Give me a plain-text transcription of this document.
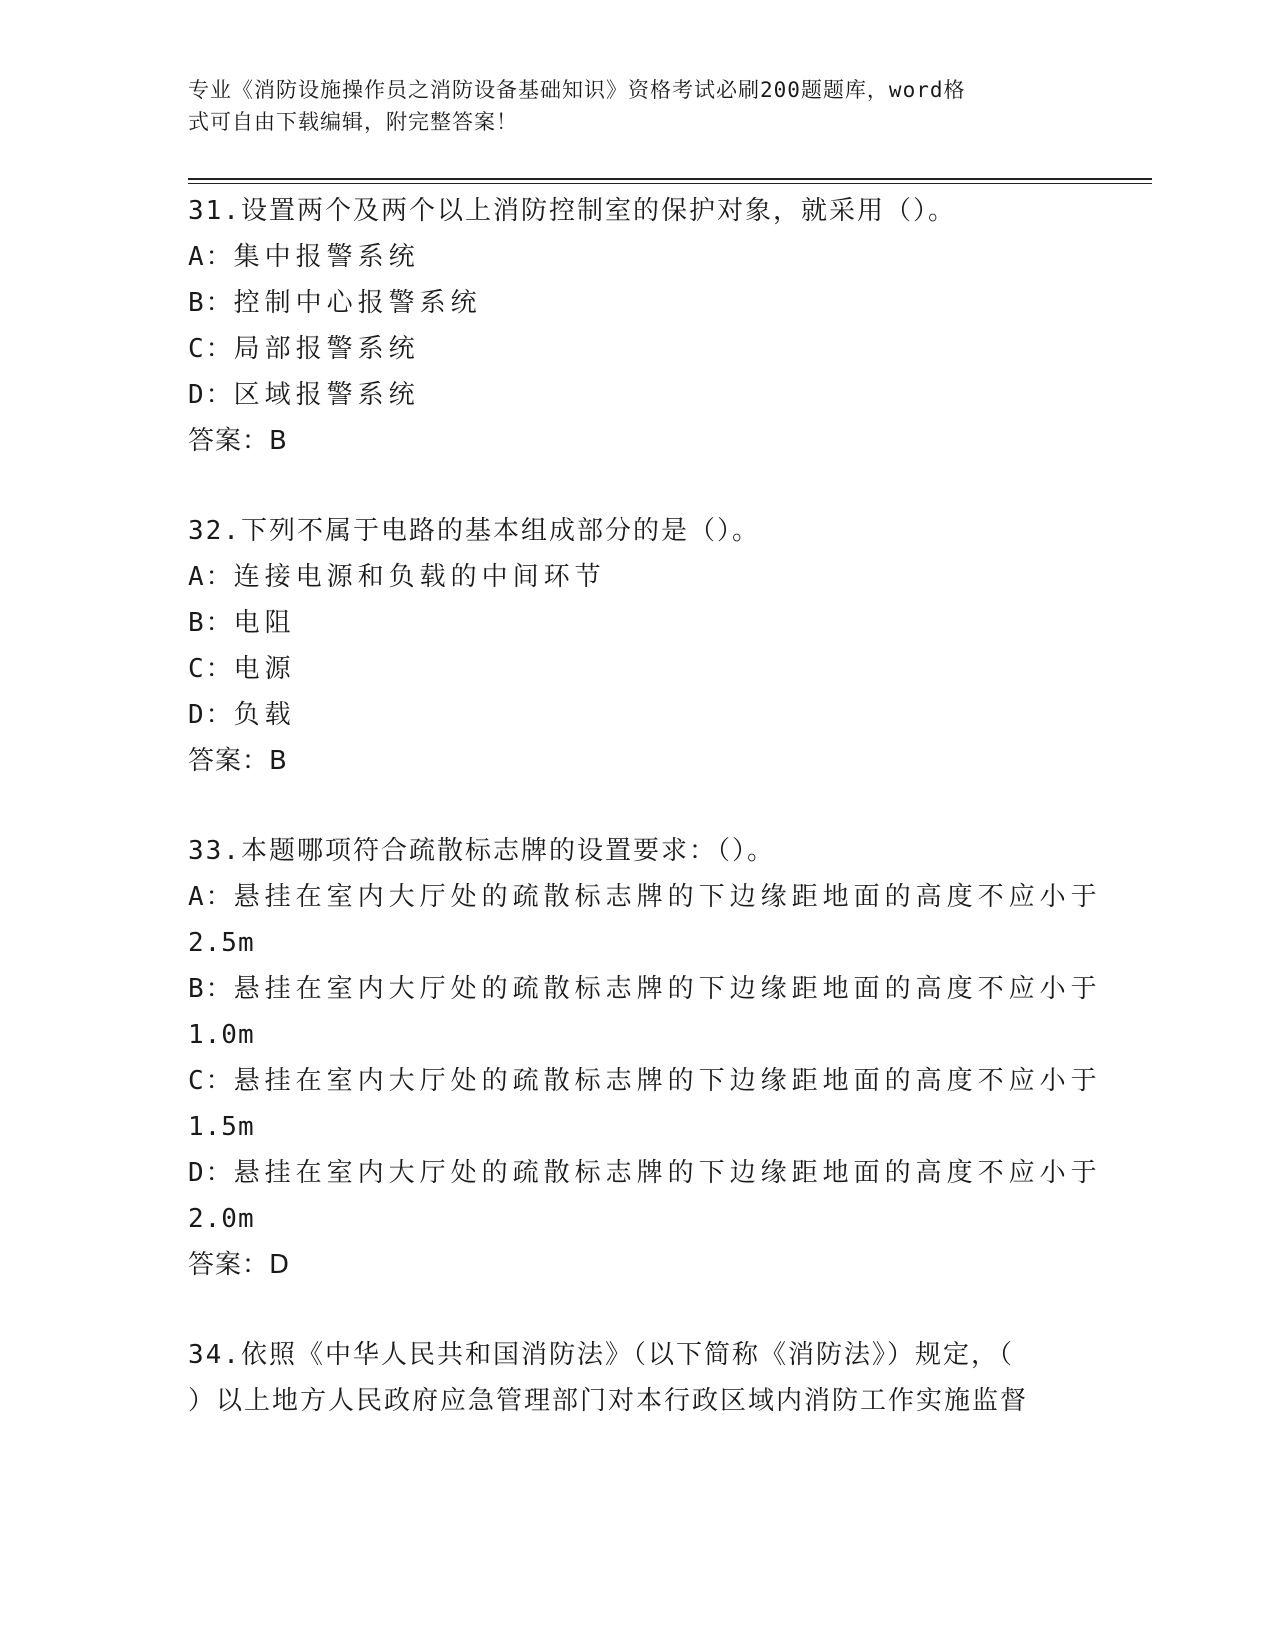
专业《消防设施操作员之消防设备基础知识》资格考试必刷200题题库，word格
式可自由下载编辑，附完整答案！
31.设置两个及两个以上消防控制室的保护对象，就采用（）。
A：集中报警系统
B：控制中心报警系统
C：局部报警系统
D：区域报警系统
答案：B
32.下列不属于电路的基本组成部分的是（）。
A：连接电源和负载的中间环节
B：电阻
C：电源
D：负载
答案：B
33.本题哪项符合疏散标志牌的设置要求：（）。
A：悬挂在室内大厅处的疏散标志牌的下边缘距地面的高度不应小于
2.5m
B：悬挂在室内大厅处的疏散标志牌的下边缘距地面的高度不应小于
1.0m
C：悬挂在室内大厅处的疏散标志牌的下边缘距地面的高度不应小于
1.5m
D：悬挂在室内大厅处的疏散标志牌的下边缘距地面的高度不应小于
2.0m
答案：D
34.依照《中华人民共和国消防法》（以下简称《消防法》）规定，（
）以上地方人民政府应急管理部门对本行政区域内消防工作实施监督
